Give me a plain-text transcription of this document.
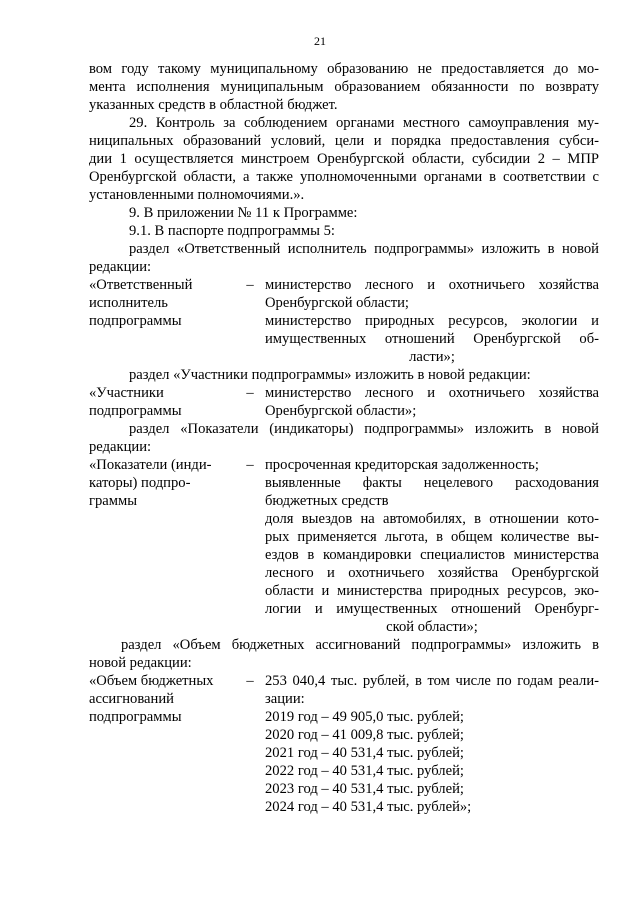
21
вом году такому муниципальному образованию не предоставляется до мо-
мента исполнения муниципальным образованием обязанности по возврату
указанных средств в областной бюджет.
29. Контроль за соблюдением органами местного самоуправления му-
ниципальных образований условий, цели и порядка предоставления субси-
дии 1 осуществляется минстроем Оренбургской области, субсидии 2 – МПР
Оренбургской области, а также уполномоченными органами в соответствии с
установленными полномочиями.».
9. В приложении № 11 к Программе:
9.1. В паспорте подпрограммы 5:
раздел «Ответственный исполнитель подпрограммы» изложить в новой
редакции:
«Ответственный
исполнитель
подпрограммы
– министерство лесного и охотничьего хозяйства
Оренбургской области;
министерство природных ресурсов, экологии и
имущественных отношений Оренбургской об-
ласти»;
раздел «Участники подпрограммы» изложить в новой редакции:
«Участники
подпрограммы
– министерство лесного и охотничьего хозяйства
Оренбургской области»;
раздел «Показатели (индикаторы) подпрограммы» изложить в новой
редакции:
«Показатели (инди-
каторы) подпро-
граммы
– просроченная кредиторская задолженность;
выявленные факты нецелевого расходования
бюджетных средств
доля выездов на автомобилях, в отношении кото-
рых применяется льгота, в общем количестве вы-
ездов в командировки специалистов министерства
лесного и охотничьего хозяйства Оренбургской
области и министерства природных ресурсов, эко-
логии и имущественных отношений Оренбург-
ской области»;
раздел «Объем бюджетных ассигнований подпрограммы» изложить в
новой редакции:
«Объем бюджетных
ассигнований
подпрограммы
– 253 040,4 тыс. рублей, в том числе по годам реали-
зации:
2019 год – 49 905,0 тыс. рублей;
2020 год – 41 009,8 тыс. рублей;
2021 год – 40 531,4 тыс. рублей;
2022 год – 40 531,4 тыс. рублей;
2023 год – 40 531,4 тыс. рублей;
2024 год – 40 531,4 тыс. рублей»;
